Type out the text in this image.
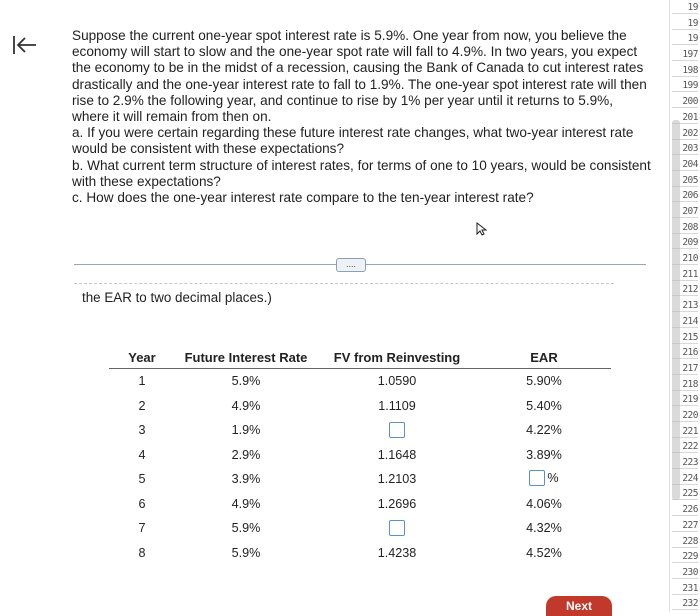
Suppose the current one-year spot interest rate is 5.9%. One year from now, you believe the economy will start to slow and the one-year spot rate will fall to 4.9%. In two years, you expect the economy to be in the midst of a recession, causing the Bank of Canada to cut interest rates drastically and the one-year interest rate to fall to 1.9%. The one-year spot interest rate will then rise to 2.9% the following year, and continue to rise by 1% per year until it returns to 5.9%, where it will remain from then on.

a. If you were certain regarding these future interest rate changes, what two-year interest rate would be consistent with these expectations?

b. What current term structure of interest rates, for terms of one to 10 years, would be consistent with these expectations?

c. How does the one-year interest rate compare to the ten-year interest rate?

....
the EAR to two decimal places.)
Year	Future Interest Rate	FV from Reinvesting	EAR
1	5.9%	1.0590	5.90%
2	4.9%	1.1109	5.40%
3	1.9%		4.22%
4	2.9%	1.1648	3.89%
5	3.9%	1.2103	%

6	4.9%	1.2696	4.06%
7	5.9%		4.32%
8	5.9%	1.4238	4.52%
19
19
19
197
198
199
200
201
202
203
204
205
206
207
208
209
210
211
212
213
214
215
216
217
218
219
220
221
222
223
224
225
226
227
228
229
230
231
232
Next
